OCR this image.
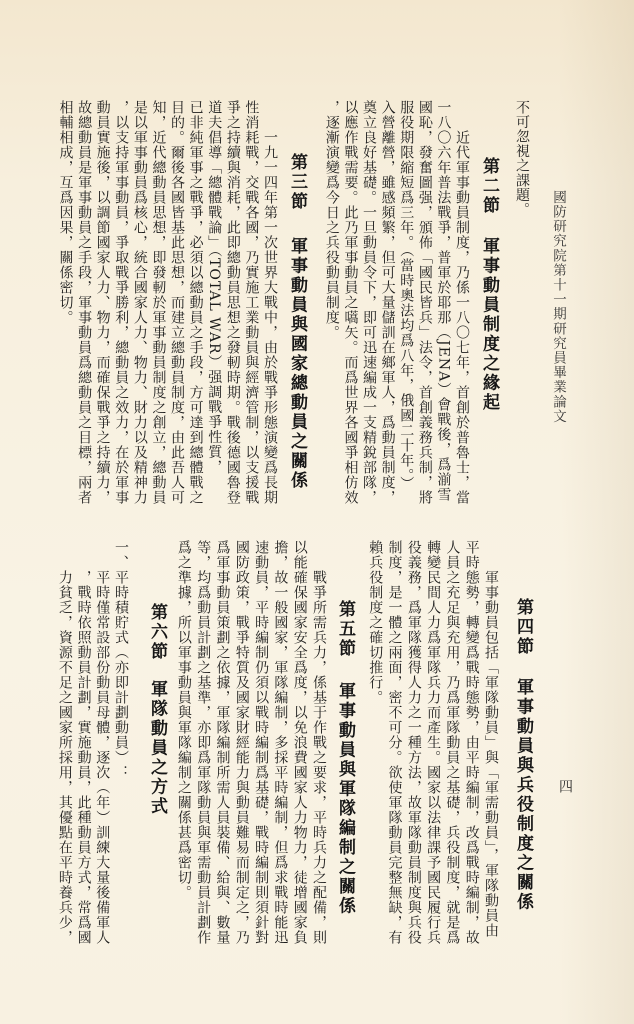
國防研究院第十一期研究員畢業論文
四
不可忽視之課題。
第二節
軍事動員制度之緣起
近代軍事動員制度，乃係一八〇七年，首創於普魯士，當
一八〇六年普法戰爭，普軍於耶那（JENA）會戰後，爲湔雪
國恥，發奮圖强，頒佈「國民皆兵」法令，首創義務兵制，將
服役期限縮短爲三年。（當時奧法均爲八年，俄國二十年。）
入營離營，雖感頻繁，但可大量儲訓在鄉軍人，爲動員制度，
奠立良好基礎。一旦動員令下，即可迅速編成一支精銳部隊，
以應作戰需要。此乃軍事動員之嚆矢。而爲世界各國爭相仿效
，逐漸演變爲今日之兵役動員制度。
第三節
軍事動員與國家總動員之關係
一九一四年第一次世界大戰中，由於戰爭形態演變爲長期
性消耗戰，交戰各國，乃實施工業動員與經濟管制，以支援戰
爭之持續與消耗，此即總動員思想之發軔時期。戰後德國魯登
道夫倡導「總體戰論」（TOTAL WAR）强調戰爭性質，
已非純軍事之戰爭，必須以總動員之手段，方可達到總體戰之
目的。爾後各國皆基此思想，而建立總動員制度，由此吾人可
知，近代總動員思想，即發軔於軍事動員制度之創立，總動員
是以軍事動員爲核心，統合國家人力、物力、財力以及精神力
，以支持軍事動員，爭取戰爭勝利，總動員之效力，在於軍事
動員實施後，以調節國家人力、物力，而確保戰爭之持續力，
故總動員是軍事動員之手段，軍事動員爲總動員之目標，兩者
相輔相成，互爲因果，關係密切。
第四節
軍事動員與兵役制度之關係
軍事動員包括「軍隊動員」與「軍需動員」，軍隊動員由
平時態勢，轉變爲戰時態勢，由平時編制，改爲戰時編制，故
人員之充足與充用，乃爲軍隊動員之基礎，兵役制度，就是爲
轉變民間人力爲軍隊兵力而產生。國家以法律課予國民履行兵
役義務，爲軍隊獲得人力之一種方法，故軍隊動員制度與兵役
制度，是一體之兩面，密不可分。欲使軍隊動員完整無缺，有
賴兵役制度之確切推行。
第五節
軍事動員與軍隊編制之關係
戰爭所需兵力，係基于作戰之要求，平時兵力之配備，則
以能確保國家安全爲度，以免浪費國家人力物力，徒增國家負
擔，故一般國家，軍隊編制，多採平時編制，但爲求戰時能迅
速動員，平時編制仍須以戰時編制爲基礎，戰時編制則須針對
國防政策，戰爭特質及國家財經能力與動員難易而制定之，乃
爲軍事動員策劃之依據，軍隊編制所需人員裝備、給與、數量
等，均爲動員計劃之基準，亦即爲軍隊動員與軍需動員計劃作
爲之準據，所以軍事動員與軍隊編制之關係甚爲密切。
第六節
軍隊動員之方式
一、平時積貯式（亦即計劃動員）：
平時僅常設部份動員母體，逐次（年）訓練大量後備軍人
，戰時依照動員計劃，實施動員，此種動員方式，常爲國
力貧乏，資源不足之國家所採用，其優點在平時養兵少，
